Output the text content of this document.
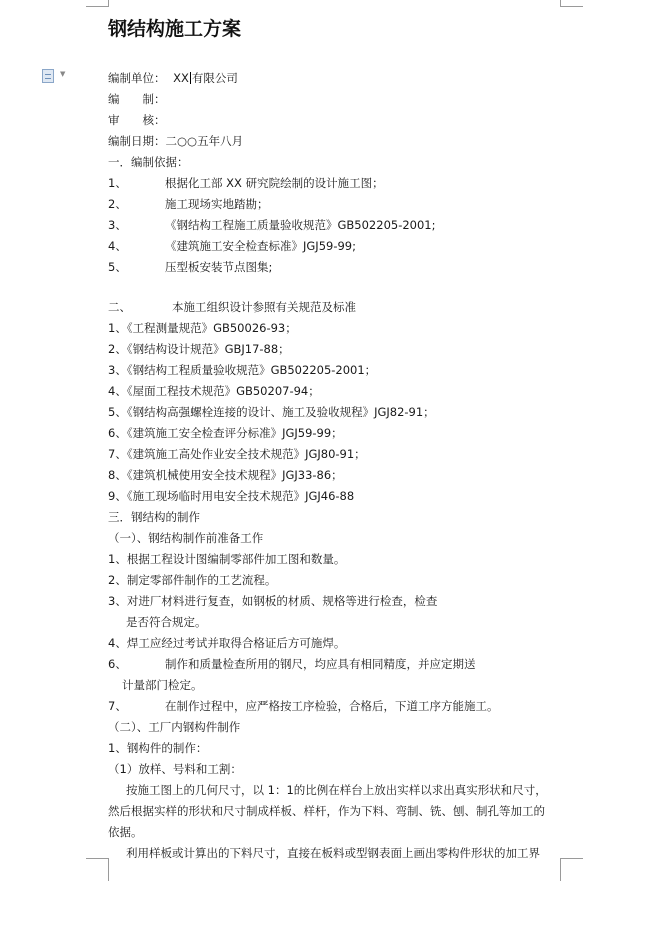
▼
钢结构施工方案
编制单位： XX 有限公司
编　　制：
审　　核：
编制日期：二○○五年八月
一．编制依据：
1、	根据化工部 XX 研究院绘制的设计施工图；
2、	施工现场实地踏勘；
3、	《钢结构工程施工质量验收规范》GB502205-2001;
4、	《建筑施工安全检查标准》JGJ59-99;
5、	压型板安装节点图集;
二、	本施工组织设计参照有关规范及标准
1、《工程测量规范》GB50026-93；
2、《钢结构设计规范》GBJ17-88；
3、《钢结构工程质量验收规范》GB502205-2001；
4、《屋面工程技术规范》GB50207-94；
5、《钢结构高强螺栓连接的设计、施工及验收规程》JGJ82-91；
6、《建筑施工安全检查评分标准》JGJ59-99；
7、《建筑施工高处作业安全技术规范》JGJ80-91；
8、《建筑机械使用安全技术规程》JGJ33-86；
9、《施工现场临时用电安全技术规范》JGJ46-88
三．钢结构的制作
（一）、钢结构制作前准备工作
1、根据工程设计图编制零部件加工图和数量。
2、制定零部件制作的工艺流程。
3、对进厂材料进行复查，如钢板的材质、规格等进行检查，检查
是否符合规定。
4、焊工应经过考试并取得合格证后方可施焊。
6、	制作和质量检查所用的钢尺，均应具有相同精度，并应定期送
计量部门检定。
7、	在制作过程中，应严格按工序检验，合格后，下道工序方能施工。
（二）、工厂内钢构件制作
1、钢构件的制作：
（1）放样、号料和工割：
按施工图上的几何尺寸，以 1：1的比例在样台上放出实样以求出真实形状和尺寸，
然后根据实样的形状和尺寸制成样板、样杆，作为下料、弯制、铣、刨、制孔等加工的
依据。
利用样板或计算出的下料尺寸，直接在板料或型钢表面上画出零构件形状的加工界
